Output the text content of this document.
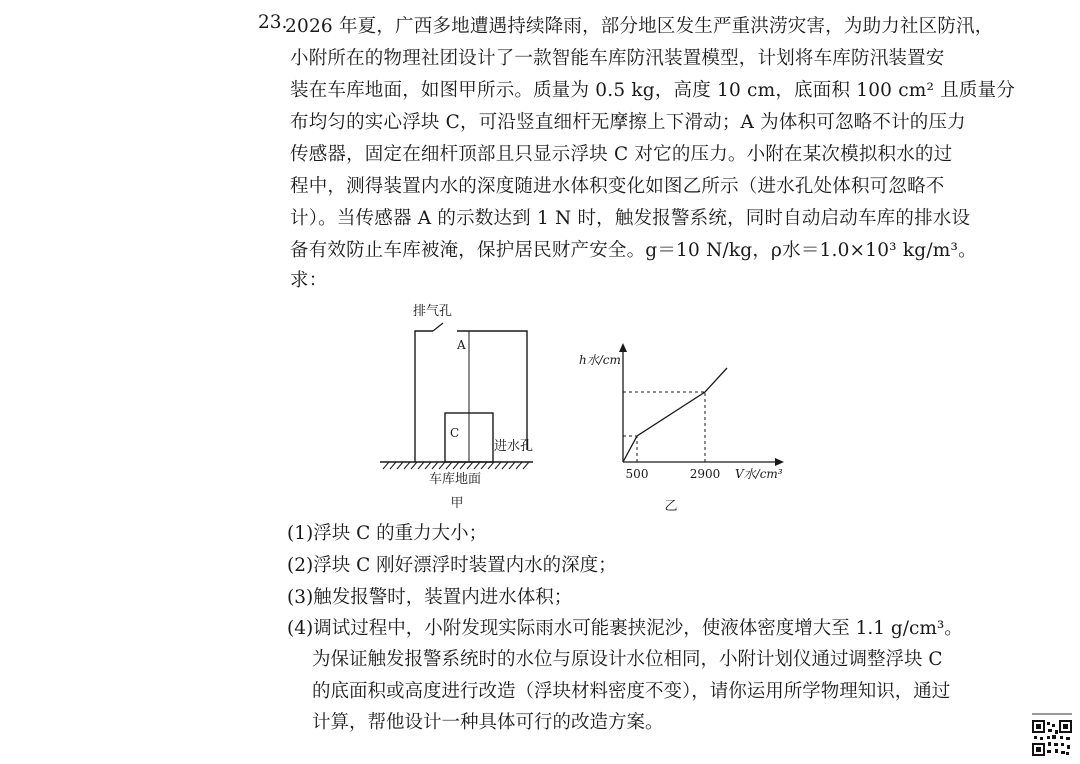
23.
2026 年夏，广西多地遭遇持续降雨，部分地区发生严重洪涝灾害，为助力社区防汛，
小附所在的物理社团设计了一款智能车库防汛装置模型，计划将车库防汛装置安
装在车库地面，如图甲所示。质量为 0.5 kg，高度 10 cm，底面积 100 cm² 且质量分
布均匀的实心浮块 C，可沿竖直细杆无摩擦上下滑动；A 为体积可忽略不计的压力
传感器，固定在细杆顶部且只显示浮块 C 对它的压力。小附在某次模拟积水的过
程中，测得装置内水的深度随进水体积变化如图乙所示（进水孔处体积可忽略不
计）。当传感器 A 的示数达到 1 N 时，触发报警系统，同时自动启动车库的排水设
备有效防止车库被淹，保护居民财产安全。g＝10 N/kg，ρ水＝1.0×10³ kg/m³。
求：
排气孔
A
C
进水孔
车库地面
甲
h水/cm
500	2900 V水/cm³
乙
(1)浮块 C 的重力大小；
(2)浮块 C 刚好漂浮时装置内水的深度；
(3)触发报警时，装置内进水体积；
(4)调试过程中，小附发现实际雨水可能裹挟泥沙，使液体密度增大至 1.1 g/cm³。
为保证触发报警系统时的水位与原设计水位相同，小附计划仪通过调整浮块 C
的底面积或高度进行改造（浮块材料密度不变），请你运用所学物理知识，通过
计算，帮他设计一种具体可行的改造方案。
